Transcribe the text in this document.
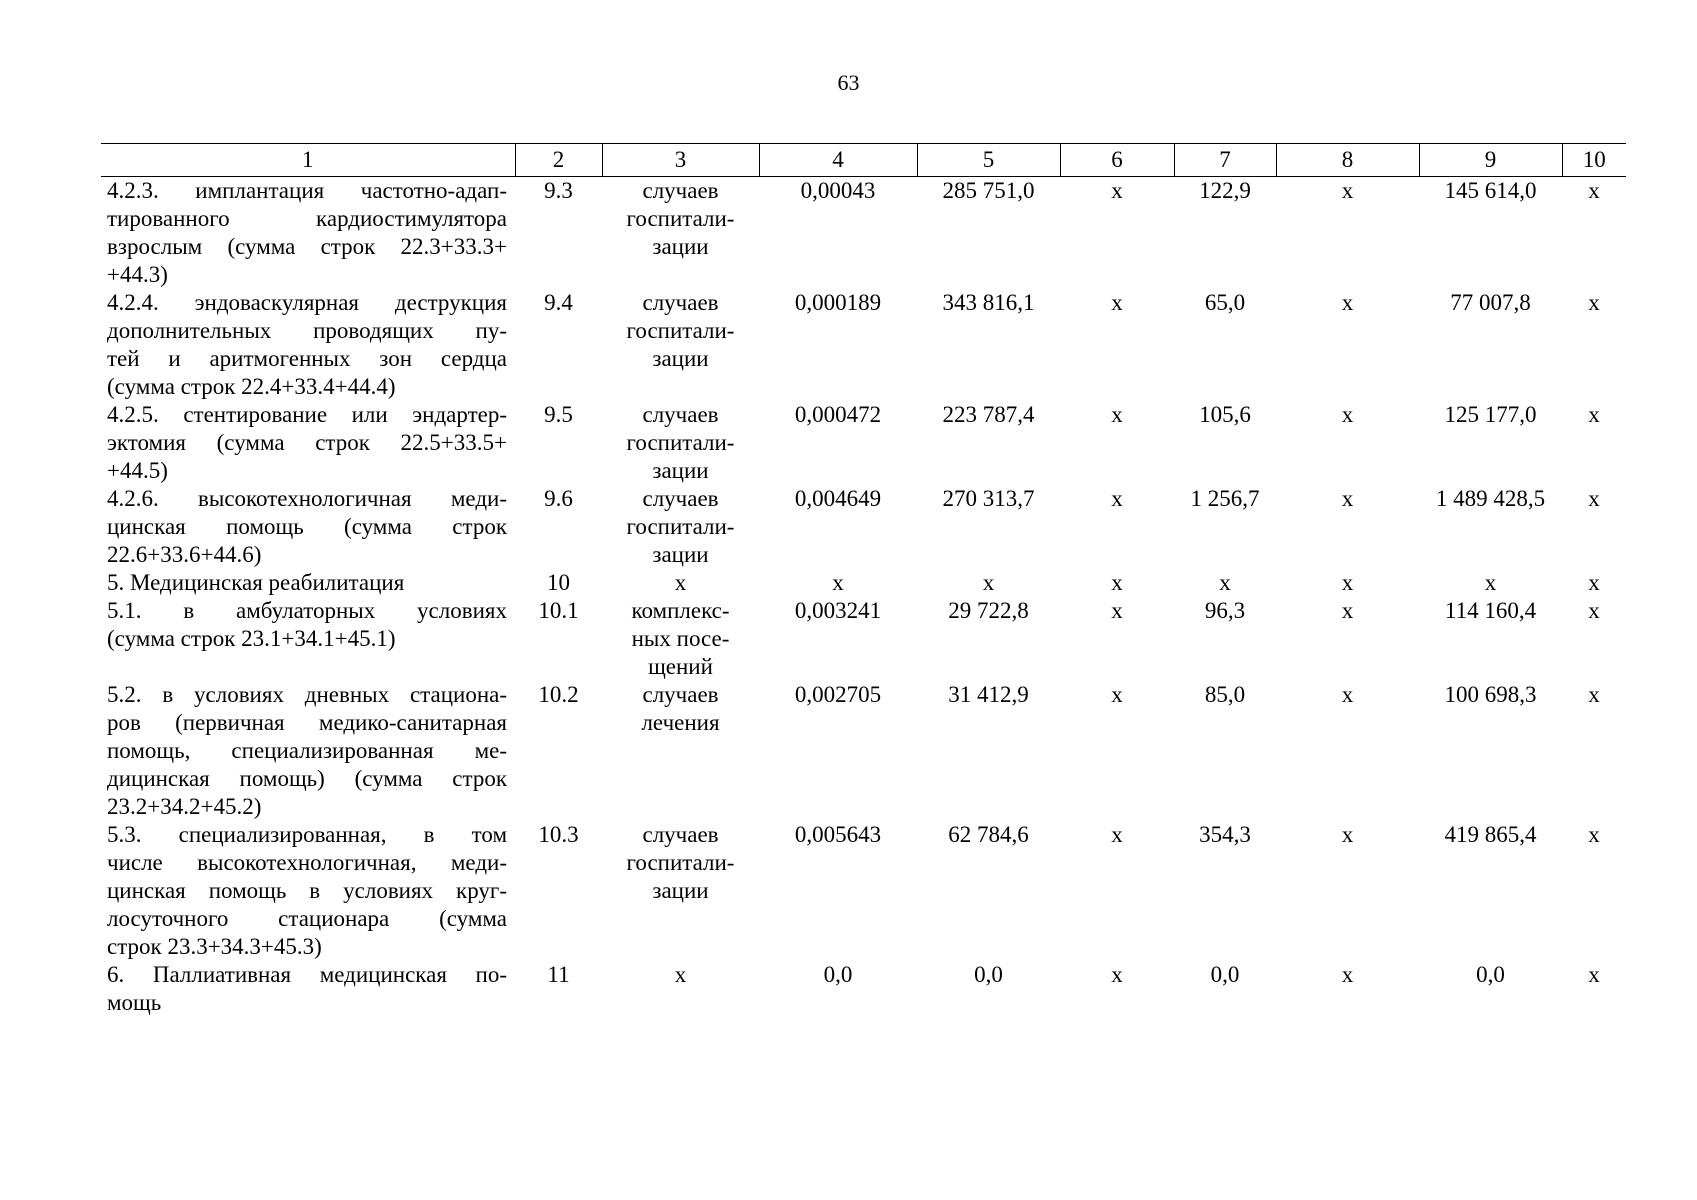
63
1	2	3	4	5	6	7	8	9	10

4.2.3. имплантация частотно-адап-
тированного кардиостимулятора
взрослым (сумма строк 22.3+33.3+
+44.3)	9.3	случаев
госпитали-
зации	0,00043	285 751,0	х	122,9	х	145 614,0	х

4.2.4. эндоваскулярная деструкция
дополнительных проводящих пу-
тей и аритмогенных зон сердца
(сумма строк 22.4+33.4+44.4)	9.4	случаев
госпитали-
зации	0,000189	343 816,1	х	65,0	х	77 007,8	х

4.2.5. стентирование или эндартер-
эктомия (сумма строк 22.5+33.5+
+44.5)	9.5	случаев
госпитали-
зации	0,000472	223 787,4	х	105,6	х	125 177,0	х

4.2.6. высокотехнологичная меди-
цинская помощь (сумма строк
22.6+33.6+44.6)	9.6	случаев
госпитали-
зации	0,004649	270 313,7	х	1 256,7	х	1 489 428,5	х

5. Медицинская реабилитация	10	х	х	х	х	х	х	х	х

5.1. в амбулаторных условиях
(сумма строк 23.1+34.1+45.1)	10.1	комплекс-
ных посе-
щений	0,003241	29 722,8	х	96,3	х	114 160,4	х

5.2. в условиях дневных стациона-
ров (первичная медико-санитарная
помощь, специализированная ме-
дицинская помощь) (сумма строк
23.2+34.2+45.2)	10.2	случаев
лечения	0,002705	31 412,9	х	85,0	х	100 698,3	х

5.3. специализированная, в том
числе высокотехнологичная, меди-
цинская помощь в условиях круг-
лосуточного стационара (сумма
строк 23.3+34.3+45.3)	10.3	случаев
госпитали-
зации	0,005643	62 784,6	х	354,3	х	419 865,4	х

6. Паллиативная медицинская по-
мощь	11	х	0,0	0,0	х	0,0	х	0,0	х
